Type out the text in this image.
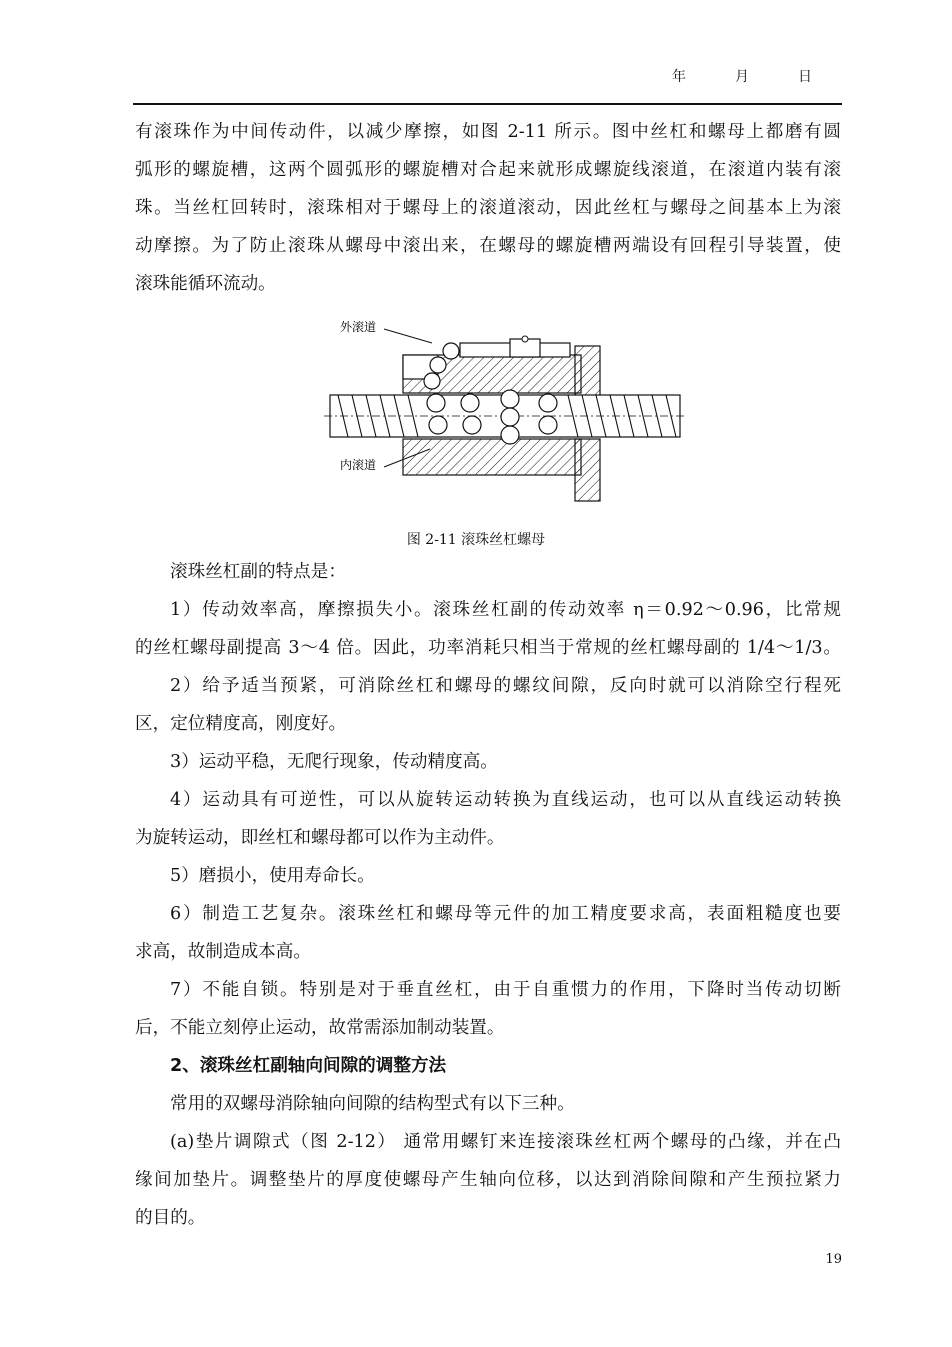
年	月	日

有滚珠作为中间传动件，以减少摩擦，如图 2-11 所示。图中丝杠和螺母上都磨有圆

弧形的螺旋槽，这两个圆弧形的螺旋槽对合起来就形成螺旋线滚道，在滚道内装有滚

珠。当丝杠回转时，滚珠相对于螺母上的滚道滚动，因此丝杠与螺母之间基本上为滚

动摩擦。为了防止滚珠从螺母中滚出来，在螺母的螺旋槽两端设有回程引导装置，使

滚珠能循环流动。

外滚道
内滚道
图 2-11 滚珠丝杠螺母

滚珠丝杠副的特点是：

1）传动效率高，摩擦损失小。滚珠丝杠副的传动效率 η＝0.92～0.96，比常规

的丝杠螺母副提高 3～4 倍。因此，功率消耗只相当于常规的丝杠螺母副的 1/4～1/3。

2）给予适当预紧，可消除丝杠和螺母的螺纹间隙，反向时就可以消除空行程死

区，定位精度高，刚度好。

3）运动平稳，无爬行现象，传动精度高。

4）运动具有可逆性，可以从旋转运动转换为直线运动，也可以从直线运动转换

为旋转运动，即丝杠和螺母都可以作为主动件。

5）磨损小，使用寿命长。

6）制造工艺复杂。滚珠丝杠和螺母等元件的加工精度要求高，表面粗糙度也要

求高，故制造成本高。

7）不能自锁。特别是对于垂直丝杠，由于自重惯力的作用，下降时当传动切断

后，不能立刻停止运动，故常需添加制动装置。

2、滚珠丝杠副轴向间隙的调整方法

常用的双螺母消除轴向间隙的结构型式有以下三种。

(a)垫片调隙式（图 2-12） 通常用螺钉来连接滚珠丝杠两个螺母的凸缘，并在凸

缘间加垫片。调整垫片的厚度使螺母产生轴向位移，以达到消除间隙和产生预拉紧力

的目的。

19
